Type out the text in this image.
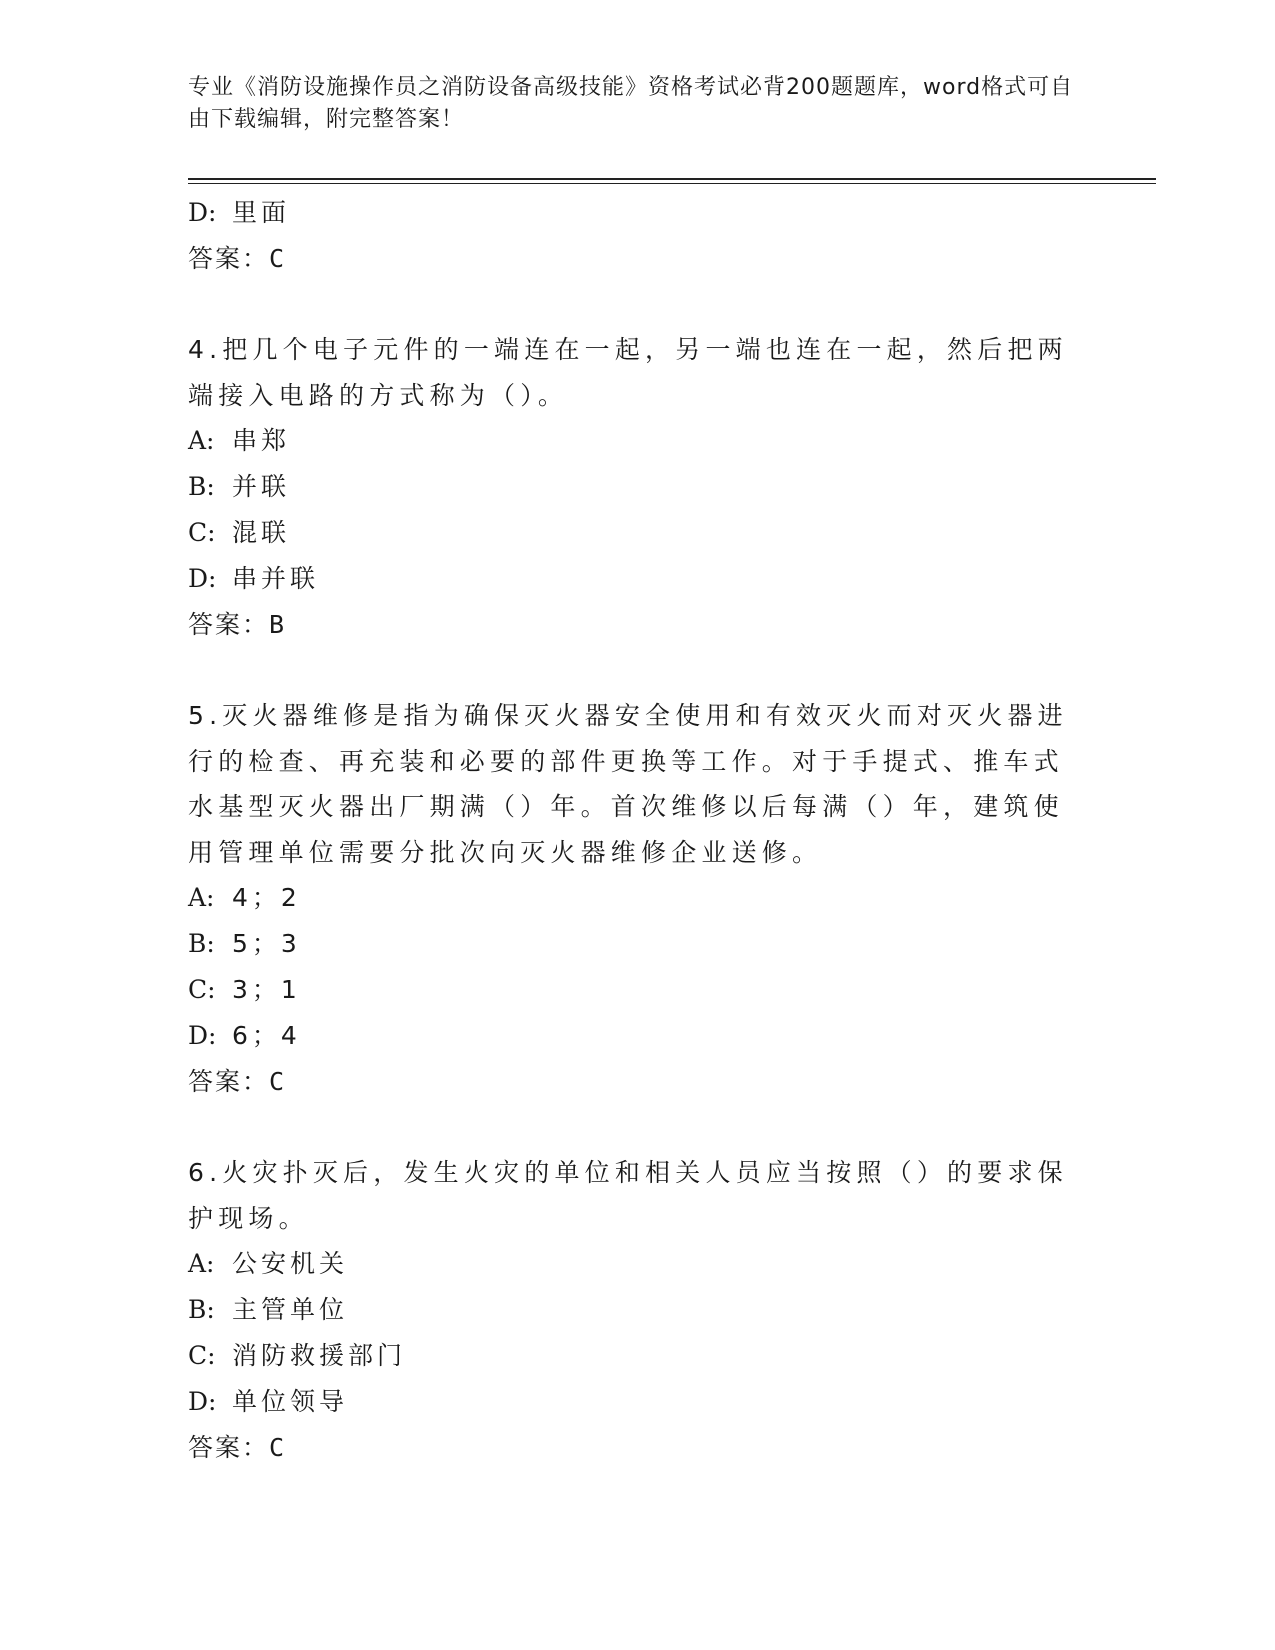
专业《消防设施操作员之消防设备高级技能》资格考试必背200题题库，word格式可自由下载编辑，附完整答案！
D: 里面
答案：C
4.把几个电子元件的一端连在一起，另一端也连在一起，然后把两端接入电路的方式称为（）。
A: 串郑
B: 并联
C: 混联
D: 串并联
答案：B
5.灭火器维修是指为确保灭火器安全使用和有效灭火而对灭火器进行的检查、再充装和必要的部件更换等工作。对于手提式、推车式水基型灭火器出厂期满（）年。首次维修以后每满（）年，建筑使用管理单位需要分批次向灭火器维修企业送修。
A: 4；2
B: 5；3
C: 3；1
D: 6；4
答案：C
6.火灾扑灭后，发生火灾的单位和相关人员应当按照（）的要求保护现场。
A: 公安机关
B: 主管单位
C: 消防救援部门
D: 单位领导
答案：C
